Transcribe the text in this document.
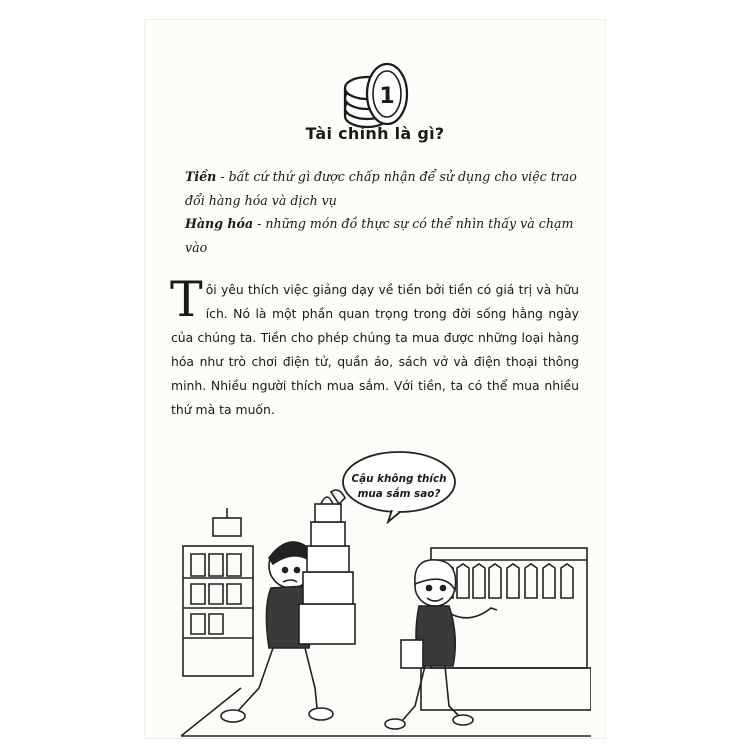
1
Tài chính là gì?
Tiền - bất cứ thứ gì được chấp nhận để sử dụng cho việc trao đổi hàng hóa và dịch vụ
Hàng hóa - những món đồ thực sự có thể nhìn thấy và chạm vào

Tôi yêu thích việc giảng dạy về tiền bởi tiền có giá trị và hữu ích. Nó là một phần quan trọng trong đời sống hằng ngày của chúng ta. Tiền cho phép chúng ta mua được những loại hàng hóa như trò chơi điện tử, quần áo, sách vở và điện thoại thông minh. Nhiều người thích mua sắm. Với tiền, ta có thể mua nhiều thứ mà ta muốn.

Cậu không thích
mua sắm sao?
